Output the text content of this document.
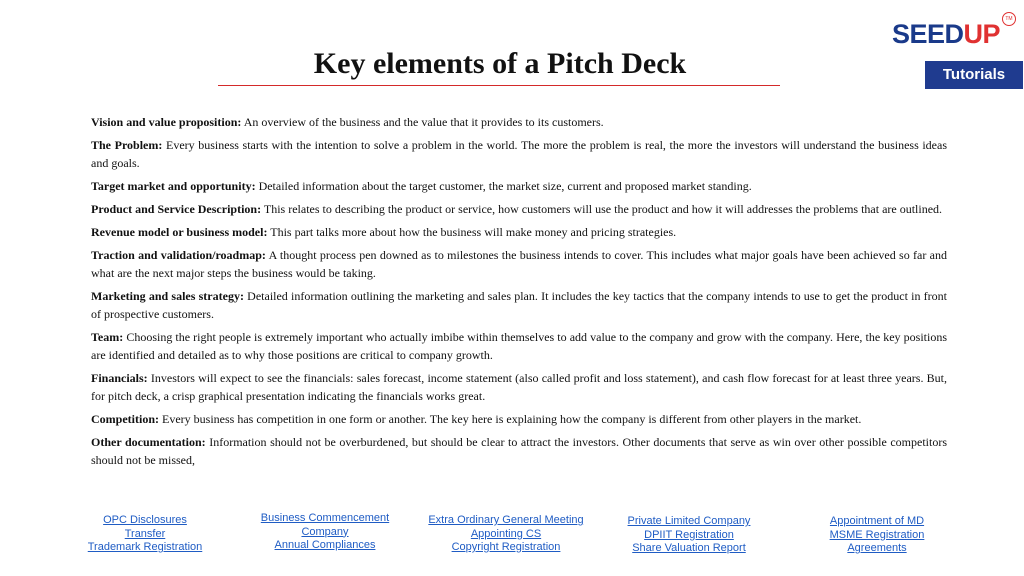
Key elements of a Pitch Deck
SEEDUP	TM
Tutorials

Vision and value proposition: An overview of the business and the value that it provides to its customers.

The Problem: Every business starts with the intention to solve a problem in the world. The more the problem is real, the more the investors will understand the business ideas and goals.

Target market and opportunity: Detailed information about the target customer, the market size, current and proposed market standing.

Product and Service Description: This relates to describing the product or service, how customers will use the product and how it will addresses the problems that are outlined.

Revenue model or business model: This part talks more about how the business will make money and pricing strategies.

Traction and validation/roadmap: A thought process pen downed as to milestones the business intends to cover. This includes what major goals have been achieved so far and what are the next major steps the business would be taking.

Marketing and sales strategy: Detailed information outlining the marketing and sales plan. It includes the key tactics that the company intends to use to get the product in front of prospective customers.

Team: Choosing the right people is extremely important who actually imbibe within themselves to add value to the company and grow with the company. Here, the key positions are identified and detailed as to why those positions are critical to company growth.

Financials: Investors will expect to see the financials: sales forecast, income statement (also called profit and loss statement), and cash flow forecast for at least three years. But, for pitch deck, a crisp graphical presentation indicating the financials works great.

Competition: Every business has competition in one form or another. The key here is explaining how the company is different from other players in the market.

Other documentation: Information should not be overburdened, but should be clear to attract the investors. Other documents that serve as win over other possible competitors should not be missed,

OPC Disclosures
Transfer
Trademark Registration
Business Commencement
Company
Annual Compliances
Extra Ordinary General Meeting
Appointing CS
Copyright Registration
Private Limited Company
DPIIT Registration
Share Valuation Report
Appointment of MD
MSME Registration
Agreements
